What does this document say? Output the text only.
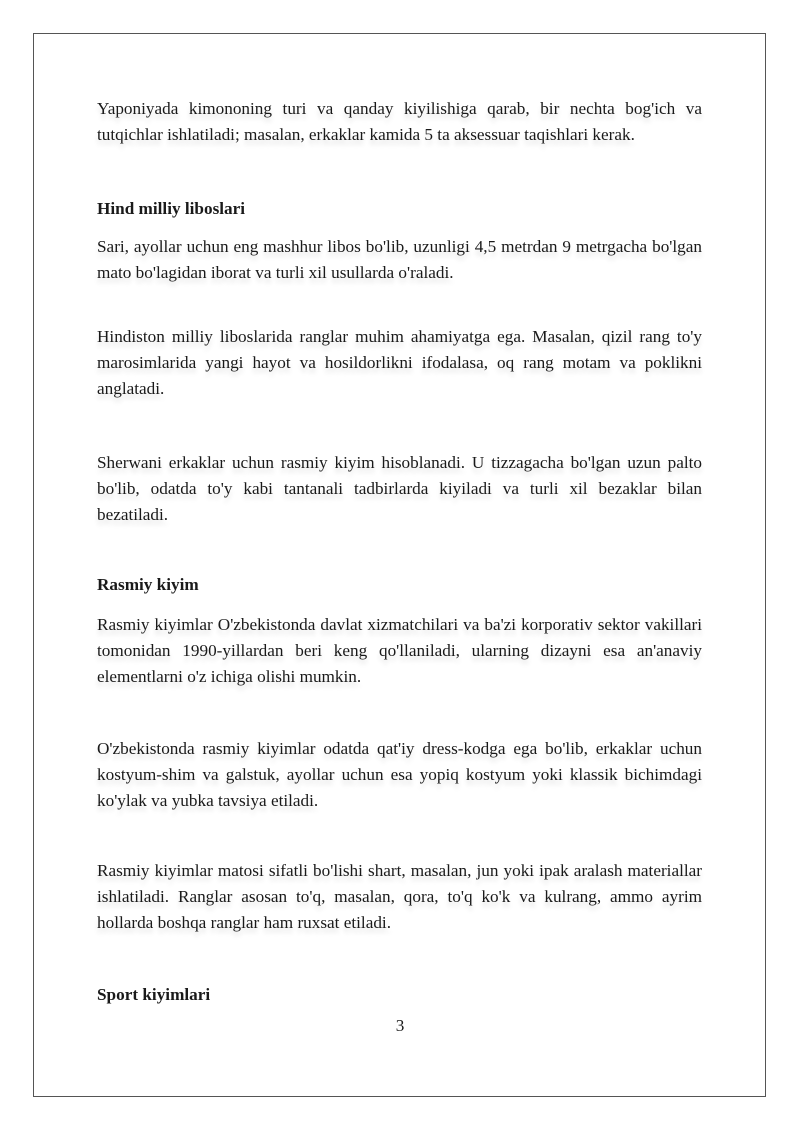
Yaponiyada kimononing turi va qanday kiyilishiga qarab, bir nechta bog'ich va tutqichlar ishlatiladi; masalan, erkaklar kamida 5 ta aksessuar taqishlari kerak.

Hind milliy liboslari

Sari, ayollar uchun eng mashhur libos bo'lib, uzunligi 4,5 metrdan 9 metrgacha bo'lgan mato bo'lagidan iborat va turli xil usullarda o'raladi.

Hindiston milliy liboslarida ranglar muhim ahamiyatga ega. Masalan, qizil rang to'y marosimlarida yangi hayot va hosildorlikni ifodalasa, oq rang motam va poklikni anglatadi.

Sherwani erkaklar uchun rasmiy kiyim hisoblanadi. U tizzagacha bo'lgan uzun palto bo'lib, odatda to'y kabi tantanali tadbirlarda kiyiladi va turli xil bezaklar bilan bezatiladi.

Rasmiy kiyim

Rasmiy kiyimlar O'zbekistonda davlat xizmatchilari va ba'zi korporativ sektor vakillari tomonidan 1990-yillardan beri keng qo'llaniladi, ularning dizayni esa an'anaviy elementlarni o'z ichiga olishi mumkin.

O'zbekistonda rasmiy kiyimlar odatda qat'iy dress-kodga ega bo'lib, erkaklar uchun kostyum-shim va galstuk, ayollar uchun esa yopiq kostyum yoki klassik bichimdagi ko'ylak va yubka tavsiya etiladi.

Rasmiy kiyimlar matosi sifatli bo'lishi shart, masalan, jun yoki ipak aralash materiallar ishlatiladi. Ranglar asosan to'q, masalan, qora, to'q ko'k va kulrang, ammo ayrim hollarda boshqa ranglar ham ruxsat etiladi.

Sport kiyimlari

3
